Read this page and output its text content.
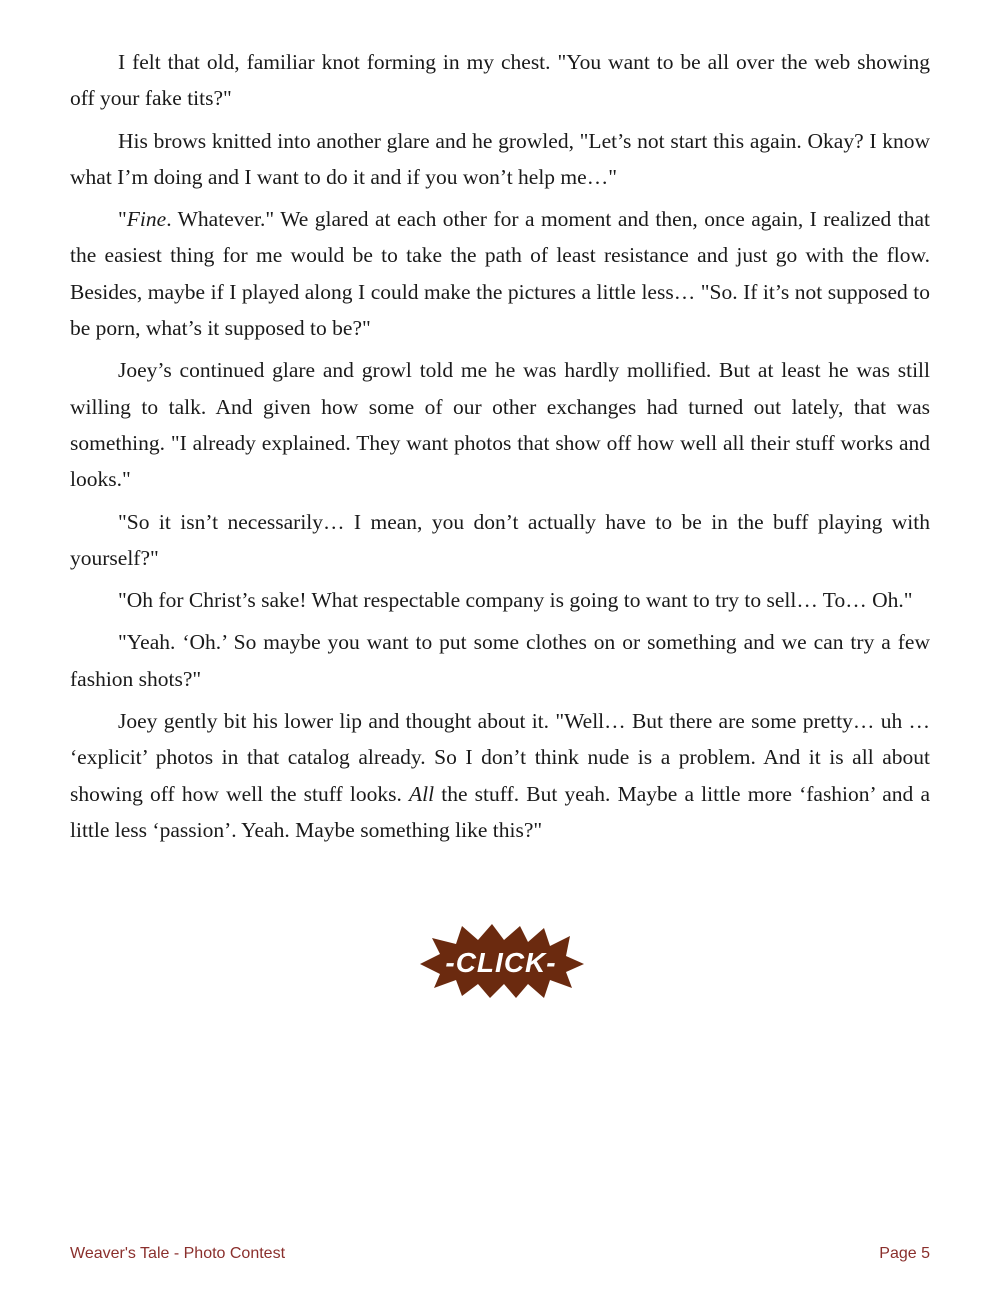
I felt that old, familiar knot forming in my chest. "You want to be all over the web showing off your fake tits?"

His brows knitted into another glare and he growled, "Let’s not start this again. Okay? I know what I’m doing and I want to do it and if you won’t help me…"

"Fine. Whatever." We glared at each other for a moment and then, once again, I realized that the easiest thing for me would be to take the path of least resistance and just go with the flow. Besides, maybe if I played along I could make the pictures a little less… "So. If it’s not supposed to be porn, what’s it supposed to be?"

Joey’s continued glare and growl told me he was hardly mollified. But at least he was still willing to talk. And given how some of our other exchanges had turned out lately, that was something. "I already explained. They want photos that show off how well all their stuff works and looks."

"So it isn’t necessarily… I mean, you don’t actually have to be in the buff playing with yourself?"

"Oh for Christ’s sake! What respectable company is going to want to try to sell… To… Oh."

"Yeah. ‘Oh.’ So maybe you want to put some clothes on or something and we can try a few fashion shots?"

Joey gently bit his lower lip and thought about it. "Well… But there are some pretty… uh … ‘explicit’ photos in that catalog already. So I don’t think nude is a problem. And it is all about showing off how well the stuff looks. All the stuff. But yeah. Maybe a little more ‘fashion’ and a little less ‘passion’. Yeah. Maybe something like this?"

-CLICK-
Weaver's Tale - Photo Contest	Page 5
